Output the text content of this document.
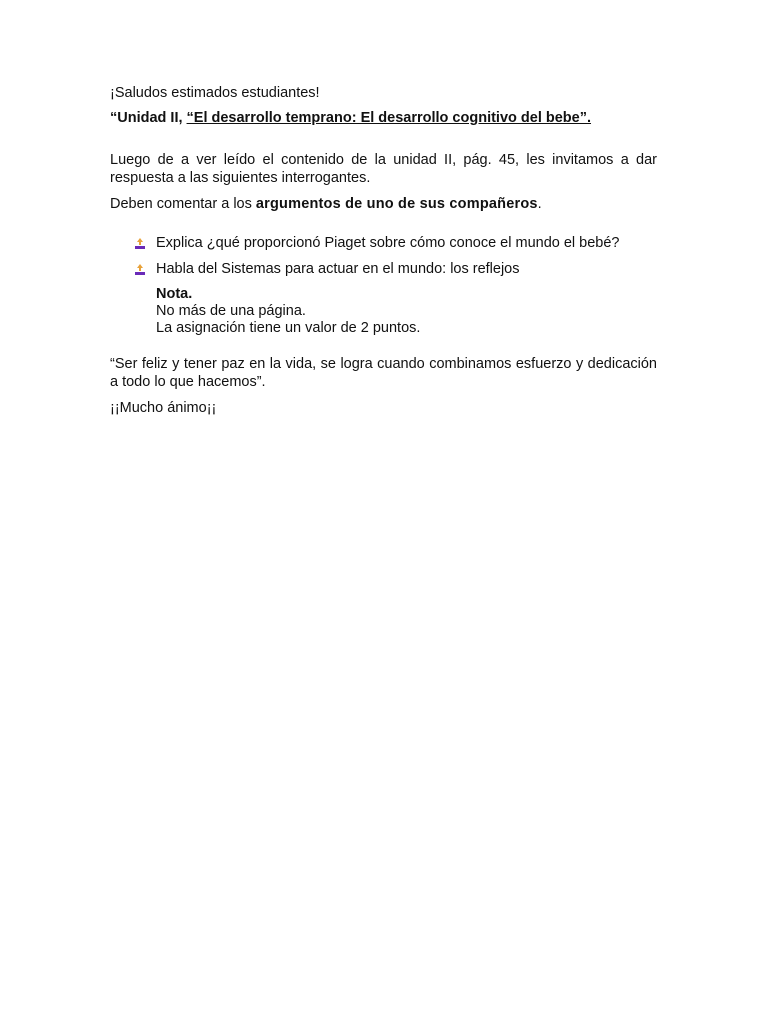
¡Saludos estimados estudiantes!
“Unidad II, “El desarrollo temprano: El desarrollo cognitivo del bebe”.
Luego de a ver leído el contenido de la unidad II, pág. 45, les invitamos a dar respuesta a las siguientes interrogantes.
Deben comentar a los argumentos de uno de sus compañeros.
Explica ¿qué proporcionó Piaget sobre cómo conoce el mundo el bebé?
Habla del Sistemas para actuar en el mundo: los reflejos
Nota.
No más de una página.
La asignación tiene un valor de 2 puntos.
“Ser feliz y tener paz en la vida, se logra cuando combinamos esfuerzo y dedicación a todo lo que hacemos”.
¡¡Mucho ánimo¡¡
